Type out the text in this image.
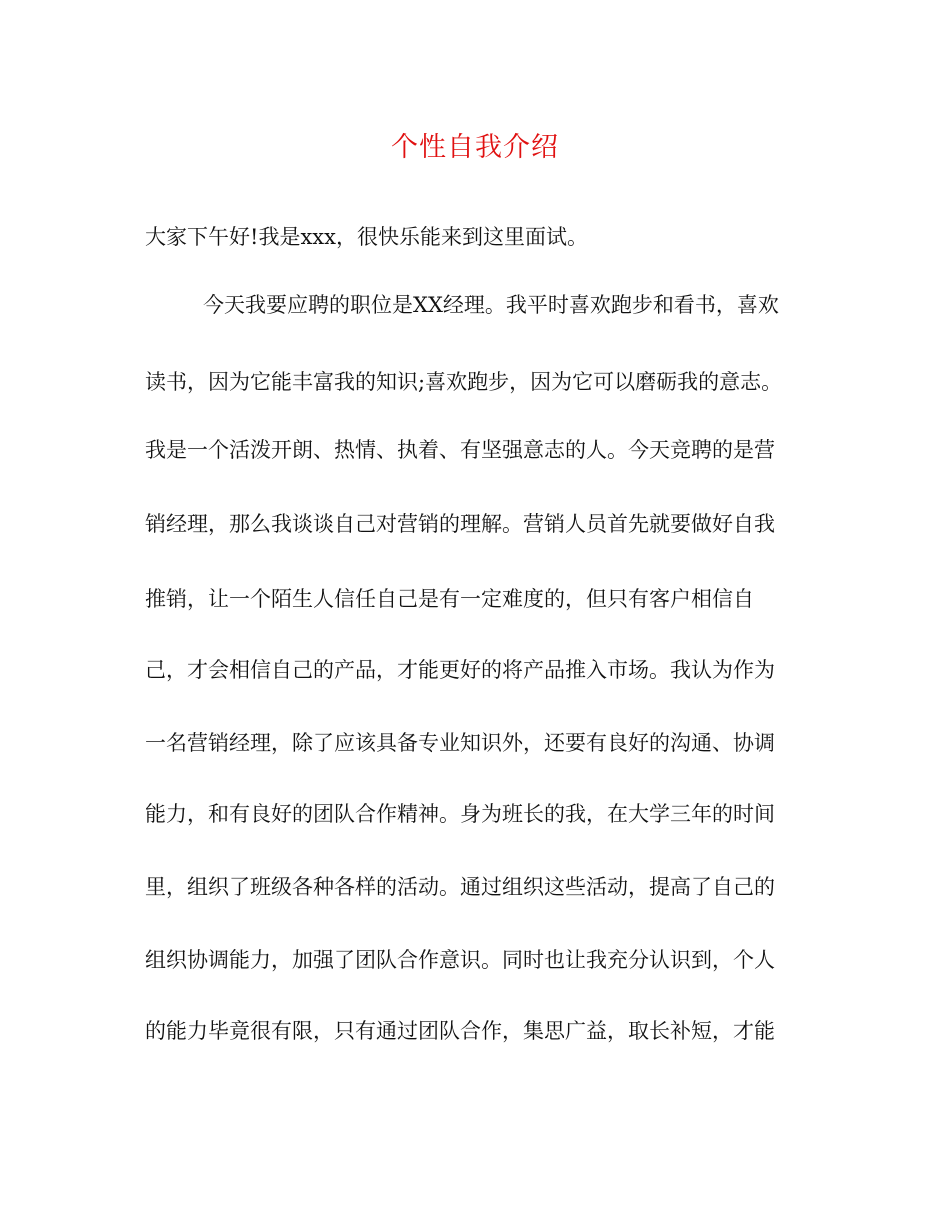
个性自我介绍
大家下午好!我是xxx，很快乐能来到这里面试。
今天我要应聘的职位是XX经理。我平时喜欢跑步和看书，喜欢
读书，因为它能丰富我的知识;喜欢跑步，因为它可以磨砺我的意志。
我是一个活泼开朗、热情、执着、有坚强意志的人。今天竞聘的是营
销经理，那么我谈谈自己对营销的理解。营销人员首先就要做好自我
推销，让一个陌生人信任自己是有一定难度的，但只有客户相信自
己，才会相信自己的产品，才能更好的将产品推入市场。我认为作为
一名营销经理，除了应该具备专业知识外，还要有良好的沟通、协调
能力，和有良好的团队合作精神。身为班长的我，在大学三年的时间
里，组织了班级各种各样的活动。通过组织这些活动，提高了自己的
组织协调能力，加强了团队合作意识。同时也让我充分认识到，个人
的能力毕竟很有限，只有通过团队合作，集思广益，取长补短，才能
